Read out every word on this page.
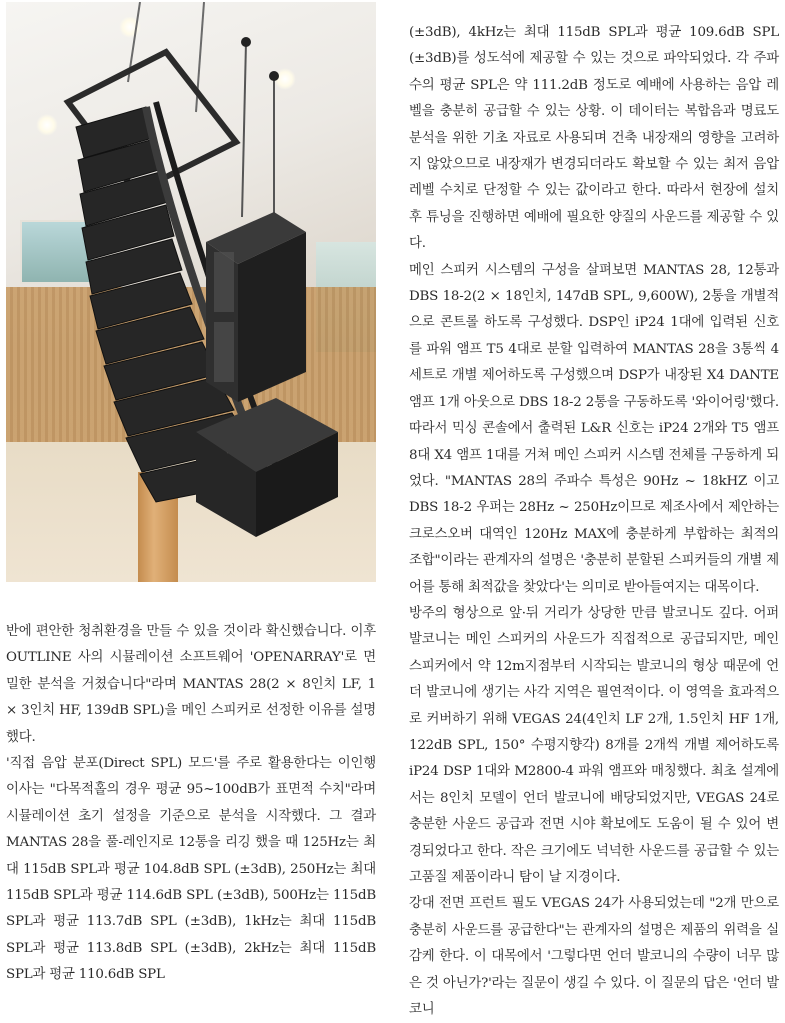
반에 편안한 청취환경을 만들 수 있을 것이라 확신했습니다. 이후 OUTLINE 사의 시뮬레이션 소프트웨어 'OPENARRAY'로 면밀한 분석을 거쳤습니다"라며 MANTAS 28(2 × 8인치 LF, 1 × 3인치 HF, 139dB SPL)을 메인 스피커로 선정한 이유를 설명했다.

'직접 음압 분포(Direct SPL) 모드'를 주로 활용한다는 이인행 이사는 "다목적홀의 경우 평균 95~100dB가 표면적 수치"라며 시뮬레이션 초기 설정을 기준으로 분석을 시작했다. 그 결과 MANTAS 28을 풀-레인지로 12통을 리깅 했을 때 125Hz는 최대 115dB SPL과 평균 104.8dB SPL (±3dB), 250Hz는 최대 115dB SPL과 평균 114.6dB SPL (±3dB), 500Hz는 115dB SPL과 평균 113.7dB SPL (±3dB), 1kHz는 최대 115dB SPL과 평균 113.8dB SPL (±3dB), 2kHz는 최대 115dB SPL과 평균 110.6dB SPL

(±3dB), 4kHz는 최대 115dB SPL과 평균 109.6dB SPL (±3dB)를 성도석에 제공할 수 있는 것으로 파악되었다. 각 주파수의 평균 SPL은 약 111.2dB 정도로 예배에 사용하는 음압 레벨을 충분히 공급할 수 있는 상황. 이 데이터는 복합음과 명료도 분석을 위한 기초 자료로 사용되며 건축 내장재의 영향을 고려하지 않았으므로 내장재가 변경되더라도 확보할 수 있는 최저 음압 레벨 수치로 단정할 수 있는 값이라고 한다. 따라서 현장에 설치 후 튜닝을 진행하면 예배에 필요한 양질의 사운드를 제공할 수 있다.

메인 스피커 시스템의 구성을 살펴보면 MANTAS 28, 12통과 DBS 18-2(2 × 18인치, 147dB SPL, 9,600W), 2통을 개별적으로 콘트롤 하도록 구성했다. DSP인 iP24 1대에 입력된 신호를 파워 앰프 T5 4대로 분할 입력하여 MANTAS 28을 3통씩 4세트로 개별 제어하도록 구성했으며 DSP가 내장된 X4 DANTE 앰프 1개 아웃으로 DBS 18-2 2통을 구동하도록 '와이어링'했다. 따라서 믹싱 콘솔에서 출력된 L&R 신호는 iP24 2개와 T5 앰프 8대 X4 앰프 1대를 거쳐 메인 스피커 시스템 전체를 구동하게 되었다. "MANTAS 28의 주파수 특성은 90Hz ~ 18kHZ 이고 DBS 18-2 우퍼는 28Hz ~ 250Hz이므로 제조사에서 제안하는 크로스오버 대역인 120Hz MAX에 충분하게 부합하는 최적의 조합"이라는 관계자의 설명은 '충분히 분할된 스피커들의 개별 제어를 통해 최적값을 찾았다'는 의미로 받아들여지는 대목이다.

방주의 형상으로 앞·뒤 거리가 상당한 만큼 발코니도 깊다. 어퍼 발코니는 메인 스피커의 사운드가 직접적으로 공급되지만, 메인 스피커에서 약 12m지점부터 시작되는 발코니의 형상 때문에 언더 발코니에 생기는 사각 지역은 필연적이다. 이 영역을 효과적으로 커버하기 위해 VEGAS 24(4인치 LF 2개, 1.5인치 HF 1개, 122dB SPL, 150° 수평지향각) 8개를 2개씩 개별 제어하도록 iP24 DSP 1대와 M2800-4 파워 앰프와 매칭했다. 최초 설계에서는 8인치 모델이 언더 발코니에 배당되었지만, VEGAS 24로 충분한 사운드 공급과 전면 시야 확보에도 도움이 될 수 있어 변경되었다고 한다. 작은 크기에도 넉넉한 사운드를 공급할 수 있는 고품질 제품이라니 탐이 날 지경이다.

강대 전면 프런트 필도 VEGAS 24가 사용되었는데 "2개 만으로 충분히 사운드를 공급한다"는 관계자의 설명은 제품의 위력을 실감케 한다. 이 대목에서 '그렇다면 언더 발코니의 수량이 너무 많은 것 아닌가?'라는 질문이 생길 수 있다. 이 질문의 답은 '언더 발코니
